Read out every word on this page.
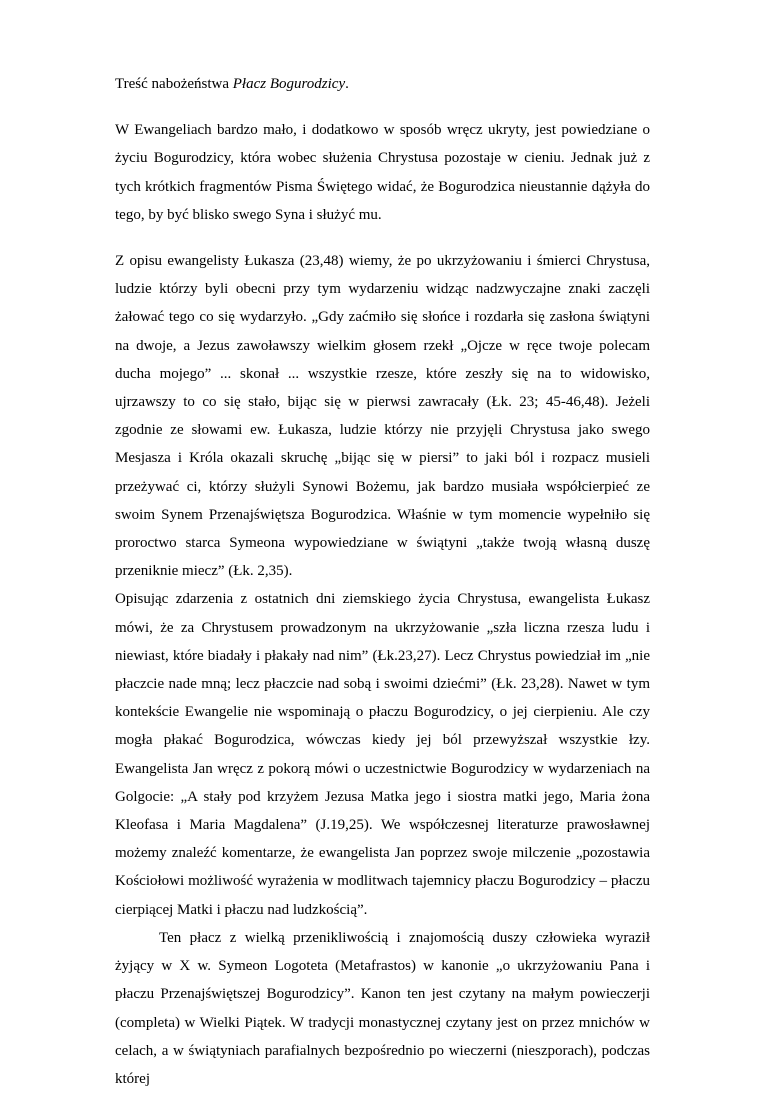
Treść nabożeństwa Płacz Bogurodzicy.

W Ewangeliach bardzo mało, i dodatkowo w sposób wręcz ukryty, jest powiedziane o życiu Bogurodzicy, która wobec służenia Chrystusa pozostaje w cieniu. Jednak już z tych krótkich fragmentów Pisma Świętego widać, że Bogurodzica nieustannie dążyła do tego, by być blisko swego Syna i służyć mu.

Z opisu ewangelisty Łukasza (23,48) wiemy, że po ukrzyżowaniu i śmierci Chrystusa, ludzie którzy byli obecni przy tym wydarzeniu widząc nadzwyczajne znaki zaczęli żałować tego co się wydarzyło. „Gdy zaćmiło się słońce i rozdarła się zasłona świątyni na dwoje, a Jezus zawoławszy wielkim głosem rzekł „Ojcze w ręce twoje polecam ducha mojego” ... skonał ... wszystkie rzesze, które zeszły się na to widowisko, ujrzawszy to co się stało, bijąc się w pierwsi zawracały (Łk. 23; 45-46,48). Jeżeli zgodnie ze słowami ew. Łukasza, ludzie którzy nie przyjęli Chrystusa jako swego Mesjasza i Króla okazali skruchę „bijąc się w piersi” to jaki ból i rozpacz musieli przeżywać ci, którzy służyli Synowi Bożemu, jak bardzo musiała współcierpieć ze swoim Synem Przenajświętsza Bogurodzica. Właśnie w tym momencie wypełniło się proroctwo starca Symeona wypowiedziane w świątyni „także twoją własną duszę przeniknie miecz” (Łk. 2,35).

Opisując zdarzenia z ostatnich dni ziemskiego życia Chrystusa, ewangelista Łukasz mówi, że za Chrystusem prowadzonym na ukrzyżowanie „szła liczna rzesza ludu i niewiast, które biadały i płakały nad nim” (Łk.23,27). Lecz Chrystus powiedział im „nie płaczcie nade mną; lecz płaczcie nad sobą i swoimi dziećmi” (Łk. 23,28). Nawet w tym kontekście Ewangelie nie wspominają o płaczu Bogurodzicy, o jej cierpieniu. Ale czy mogła płakać Bogurodzica, wówczas kiedy jej ból przewyższał wszystkie łzy. Ewangelista Jan wręcz z pokorą mówi o uczestnictwie Bogurodzicy w wydarzeniach na Golgocie: „A stały pod krzyżem Jezusa Matka jego i siostra matki jego, Maria żona Kleofasa i Maria Magdalena” (J.19,25). We współczesnej literaturze prawosławnej możemy znaleźć komentarze, że ewangelista Jan poprzez swoje milczenie „pozostawia Kościołowi możliwość wyrażenia w modlitwach tajemnicy płaczu Bogurodzicy – płaczu cierpiącej Matki i płaczu nad ludzkością”.

Ten płacz z wielką przenikliwością i znajomością duszy człowieka wyraził żyjący w X w. Symeon Logoteta (Metafrastos) w kanonie „o ukrzyżowaniu Pana i płaczu Przenajświętszej Bogurodzicy”. Kanon ten jest czytany na małym powieczerji (completa) w Wielki Piątek. W tradycji monastycznej czytany jest on przez mnichów w celach, a w świątyniach parafialnych bezpośrednio po wieczerni (nieszporach), podczas której
